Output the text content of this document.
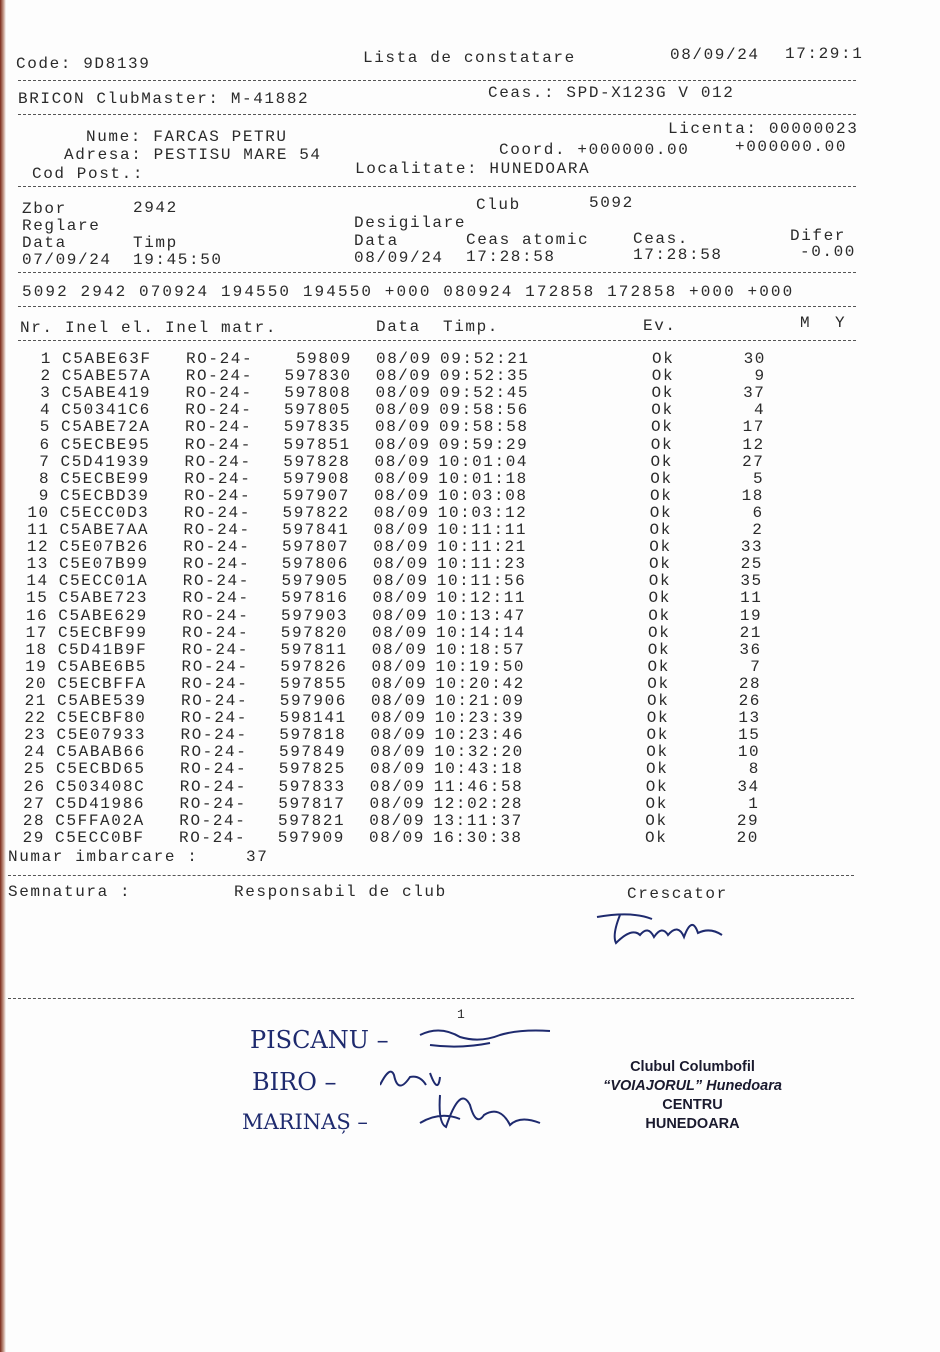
Code: 9D8139	Lista de constatare	08/09/24 17:29:1
BRICON ClubMaster: M-41882	Ceas.: SPD-X123G V 012
Nume: FARCAS PETRU
Adresa: PESTISU MARE 54
Cod Post.:
Licenta: 00000023
Coord. +000000.00	+000000.00
Localitate: HUNEDOARA
Zbor	2942	Club	5092
Reglare	Desigilare
Data	Timp	Data	Ceas atomic	Ceas.	Difer
07/09/24 19:45:50	08/09/24 17:28:58	17:28:58	-0.00
5092 2942 070924 194550 194550 +000 080924 172858 172858 +000 +000
Nr. Inel el. Inel matr.	Data Timp.	Ev.	M Y
1 C5ABE63F RO-24-	59809 08/09 09:52:21	Ok	30
2 C5ABE57A RO-24-	597830 08/09 09:52:35	Ok	9
3 C5ABE419 RO-24-	597808 08/09 09:52:45	Ok	37
4 C50341C6 RO-24-	597805 08/09 09:58:56	Ok	4
5 C5ABE72A RO-24-	597835 08/09 09:58:58	Ok	17
6 C5ECBE95 RO-24-	597851 08/09 09:59:29	Ok	12
7 C5D41939 RO-24-	597828 08/09 10:01:04	Ok	27
8 C5ECBE99 RO-24-	597908 08/09 10:01:18	Ok	5
9 C5ECBD39 RO-24-	597907 08/09 10:03:08	Ok	18
10 C5ECC0D3 RO-24-	597822 08/09 10:03:12	Ok	6
11 C5ABE7AA RO-24-	597841 08/09 10:11:11	Ok	2
12 C5E07B26 RO-24-	597807 08/09 10:11:21	Ok	33
13 C5E07B99 RO-24-	597806 08/09 10:11:23	Ok	25
14 C5ECC01A RO-24-	597905 08/09 10:11:56	Ok	35
15 C5ABE723 RO-24-	597816 08/09 10:12:11	Ok	11
16 C5ABE629 RO-24-	597903 08/09 10:13:47	Ok	19
17 C5ECBF99 RO-24-	597820 08/09 10:14:14	Ok	21
18 C5D41B9F RO-24-	597811 08/09 10:18:57	Ok	36
19 C5ABE6B5 RO-24-	597826 08/09 10:19:50	Ok	7
20 C5ECBFFA RO-24-	597855 08/09 10:20:42	Ok	28
21 C5ABE539 RO-24-	597906 08/09 10:21:09	Ok	26
22 C5ECBF80 RO-24-	598141 08/09 10:23:39	Ok	13
23 C5E07933 RO-24-	597818 08/09 10:23:46	Ok	15
24 C5ABAB66 RO-24-	597849 08/09 10:32:20	Ok	10
25 C5ECBD65 RO-24-	597825 08/09 10:43:18	Ok	8
26 C503408C RO-24-	597833 08/09 11:46:58	Ok	34
27 C5D41986 RO-24-	597817 08/09 12:02:28	Ok	1
28 C5FFA02A RO-24-	597821 08/09 13:11:37	Ok	29
29 C5ECC0BF RO-24-	597909 08/09 16:30:38	Ok	20
Numar imbarcare :	37
Semnatura :	Responsabil de club	Crescator
1
PISCANU –
BIRO –
MARINAȘ –
Clubul Columbofil
“VOIAJORUL” Hunedoara
CENTRU
HUNEDOARA
